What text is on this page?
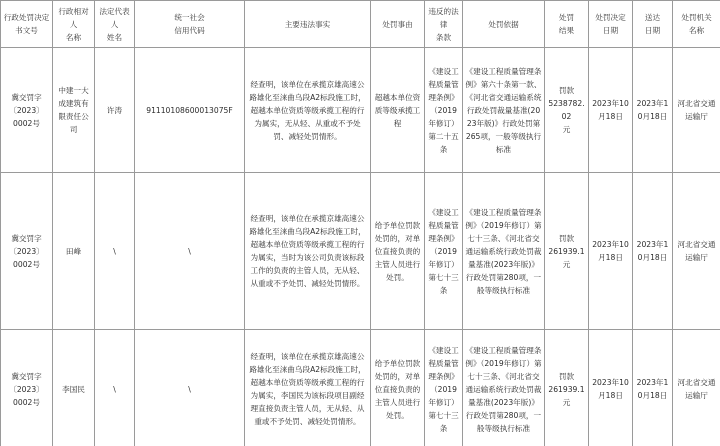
行政处罚决定
书文号	行政相对
人
名称	法定代表
人
姓名	统一社会
信用代码	主要违法事实	处罚事由	违反的法
律
条款	处罚依据	处罚
结果	处罚决定
日期	送达
日期	处罚机关
名称

冀交罚字
〔2023〕
0002号	中建一大
成建筑有
限责任公
司	许涛	91110108600013075F	经查明，该单位在承揽京雄高速公路雄化至涞曲乌段A2标段施工时，超越本单位资质等级承揽工程的行为属实，无从轻、从重或不予处罚、减轻处罚情形。	超越本单位资质等级承揽工程	《建设工程质量管理条例》（2019年修订）第二十五条	《建设工程质量管理条例》第六十条第一款、《河北省交通运输系统行政处罚裁量基准(2023年版)》行政处罚第265项，一般等级执行标准	罚款
5238782.02
元	2023年10月18日	2023年10月18日	河北省交通运输厅

冀交罚字
〔2023〕
0002号	田峰	\	\	经查明，该单位在承揽京雄高速公路雄化至涞曲乌段A2标段施工时，超越本单位资质等级承揽工程的行为属实，当时为该公司负责该标段工作的负责的主管人员，无从轻、从重或不予处罚、减轻处罚情形。	给予单位罚款处罚的，对单位直接负责的主管人员进行处罚。	《建设工程质量管理条例》（2019年修订）第七十三条	《建设工程质量管理条例》（2019年修订）第七十三条、《河北省交通运输系统行政处罚裁量基准(2023年版)》行政处罚第280项，一般等级执行标准	罚款
261939.1元	2023年10月18日	2023年10月18日	河北省交通运输厅

冀交罚字
〔2023〕
0002号	李国民	\	\	经查明，该单位在承揽京雄高速公路雄化至涞曲乌段A2标段施工时，超越本单位资质等级承揽工程的行为属实，李国民为该标段项目副经理直接负责主管人员，无从轻、从重或不予处罚、减轻处罚情形。	给予单位罚款处罚的，对单位直接负责的主管人员进行处罚。	《建设工程质量管理条例》（2019年修订）第七十三条	《建设工程质量管理条例》（2019年修订）第七十三条、《河北省交通运输系统行政处罚裁量基准(2023年版)》行政处罚第280项，一般等级执行标准	罚款
261939.1元	2023年10月18日	2023年10月18日	河北省交通运输厅
